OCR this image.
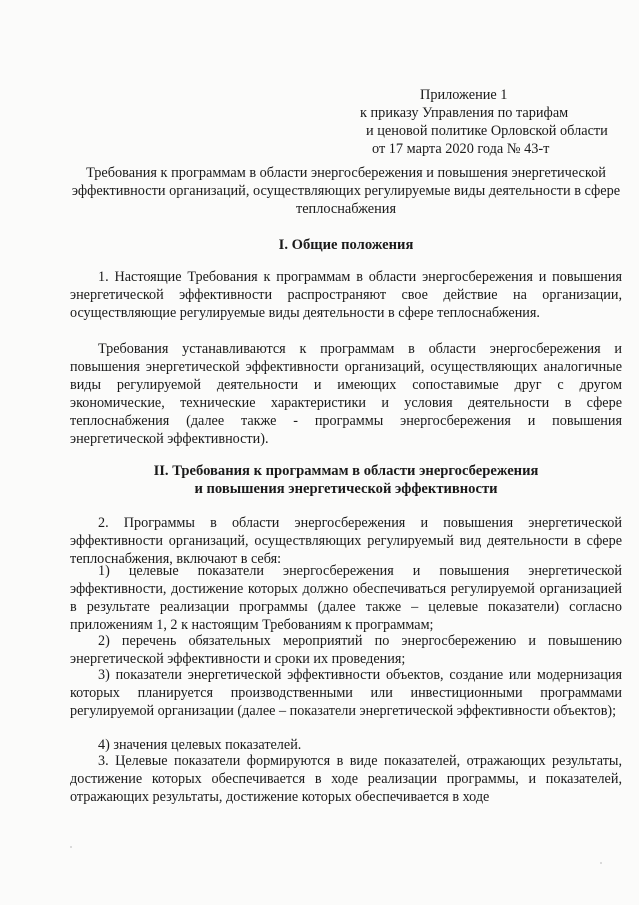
Приложение 1
к приказу Управления по тарифам
и ценовой политике Орловской области
от 17 марта 2020 года № 43-т
Требования к программам в области энергосбережения и повышения энергетической эффективности организаций, осуществляющих регулируемые виды деятельности в сфере теплоснабжения
I. Общие положения
1. Настоящие Требования к программам в области энергосбережения и повышения энергетической эффективности распространяют свое действие на организации, осуществляющие регулируемые виды деятельности в сфере теплоснабжения.
Требования устанавливаются к программам в области энергосбережения и повышения энергетической эффективности организаций, осуществляющих аналогичные виды регулируемой деятельности и имеющих сопоставимые друг с другом экономические, технические характеристики и условия деятельности в сфере теплоснабжения (далее также - программы энергосбережения и повышения энергетической эффективности).
II. Требования к программам в области энергосбережения
и повышения энергетической эффективности
2. Программы в области энергосбережения и повышения энергетической эффективности организаций, осуществляющих регулируемый вид деятельности в сфере теплоснабжения, включают в себя:
1) целевые показатели энергосбережения и повышения энергетической эффективности, достижение которых должно обеспечиваться регулируемой организацией в результате реализации программы (далее также – целевые показатели) согласно приложениям 1, 2 к настоящим Требованиям к программам;
2) перечень обязательных мероприятий по энергосбережению и повышению энергетической эффективности и сроки их проведения;
3) показатели энергетической эффективности объектов, создание или модернизация которых планируется производственными или инвестиционными программами регулируемой организации (далее – показатели энергетической эффективности объектов);
4) значения целевых показателей.
3. Целевые показатели формируются в виде показателей, отражающих результаты, достижение которых обеспечивается в ходе реализации программы, и показателей, отражающих результаты, достижение которых обеспечивается в ходе
